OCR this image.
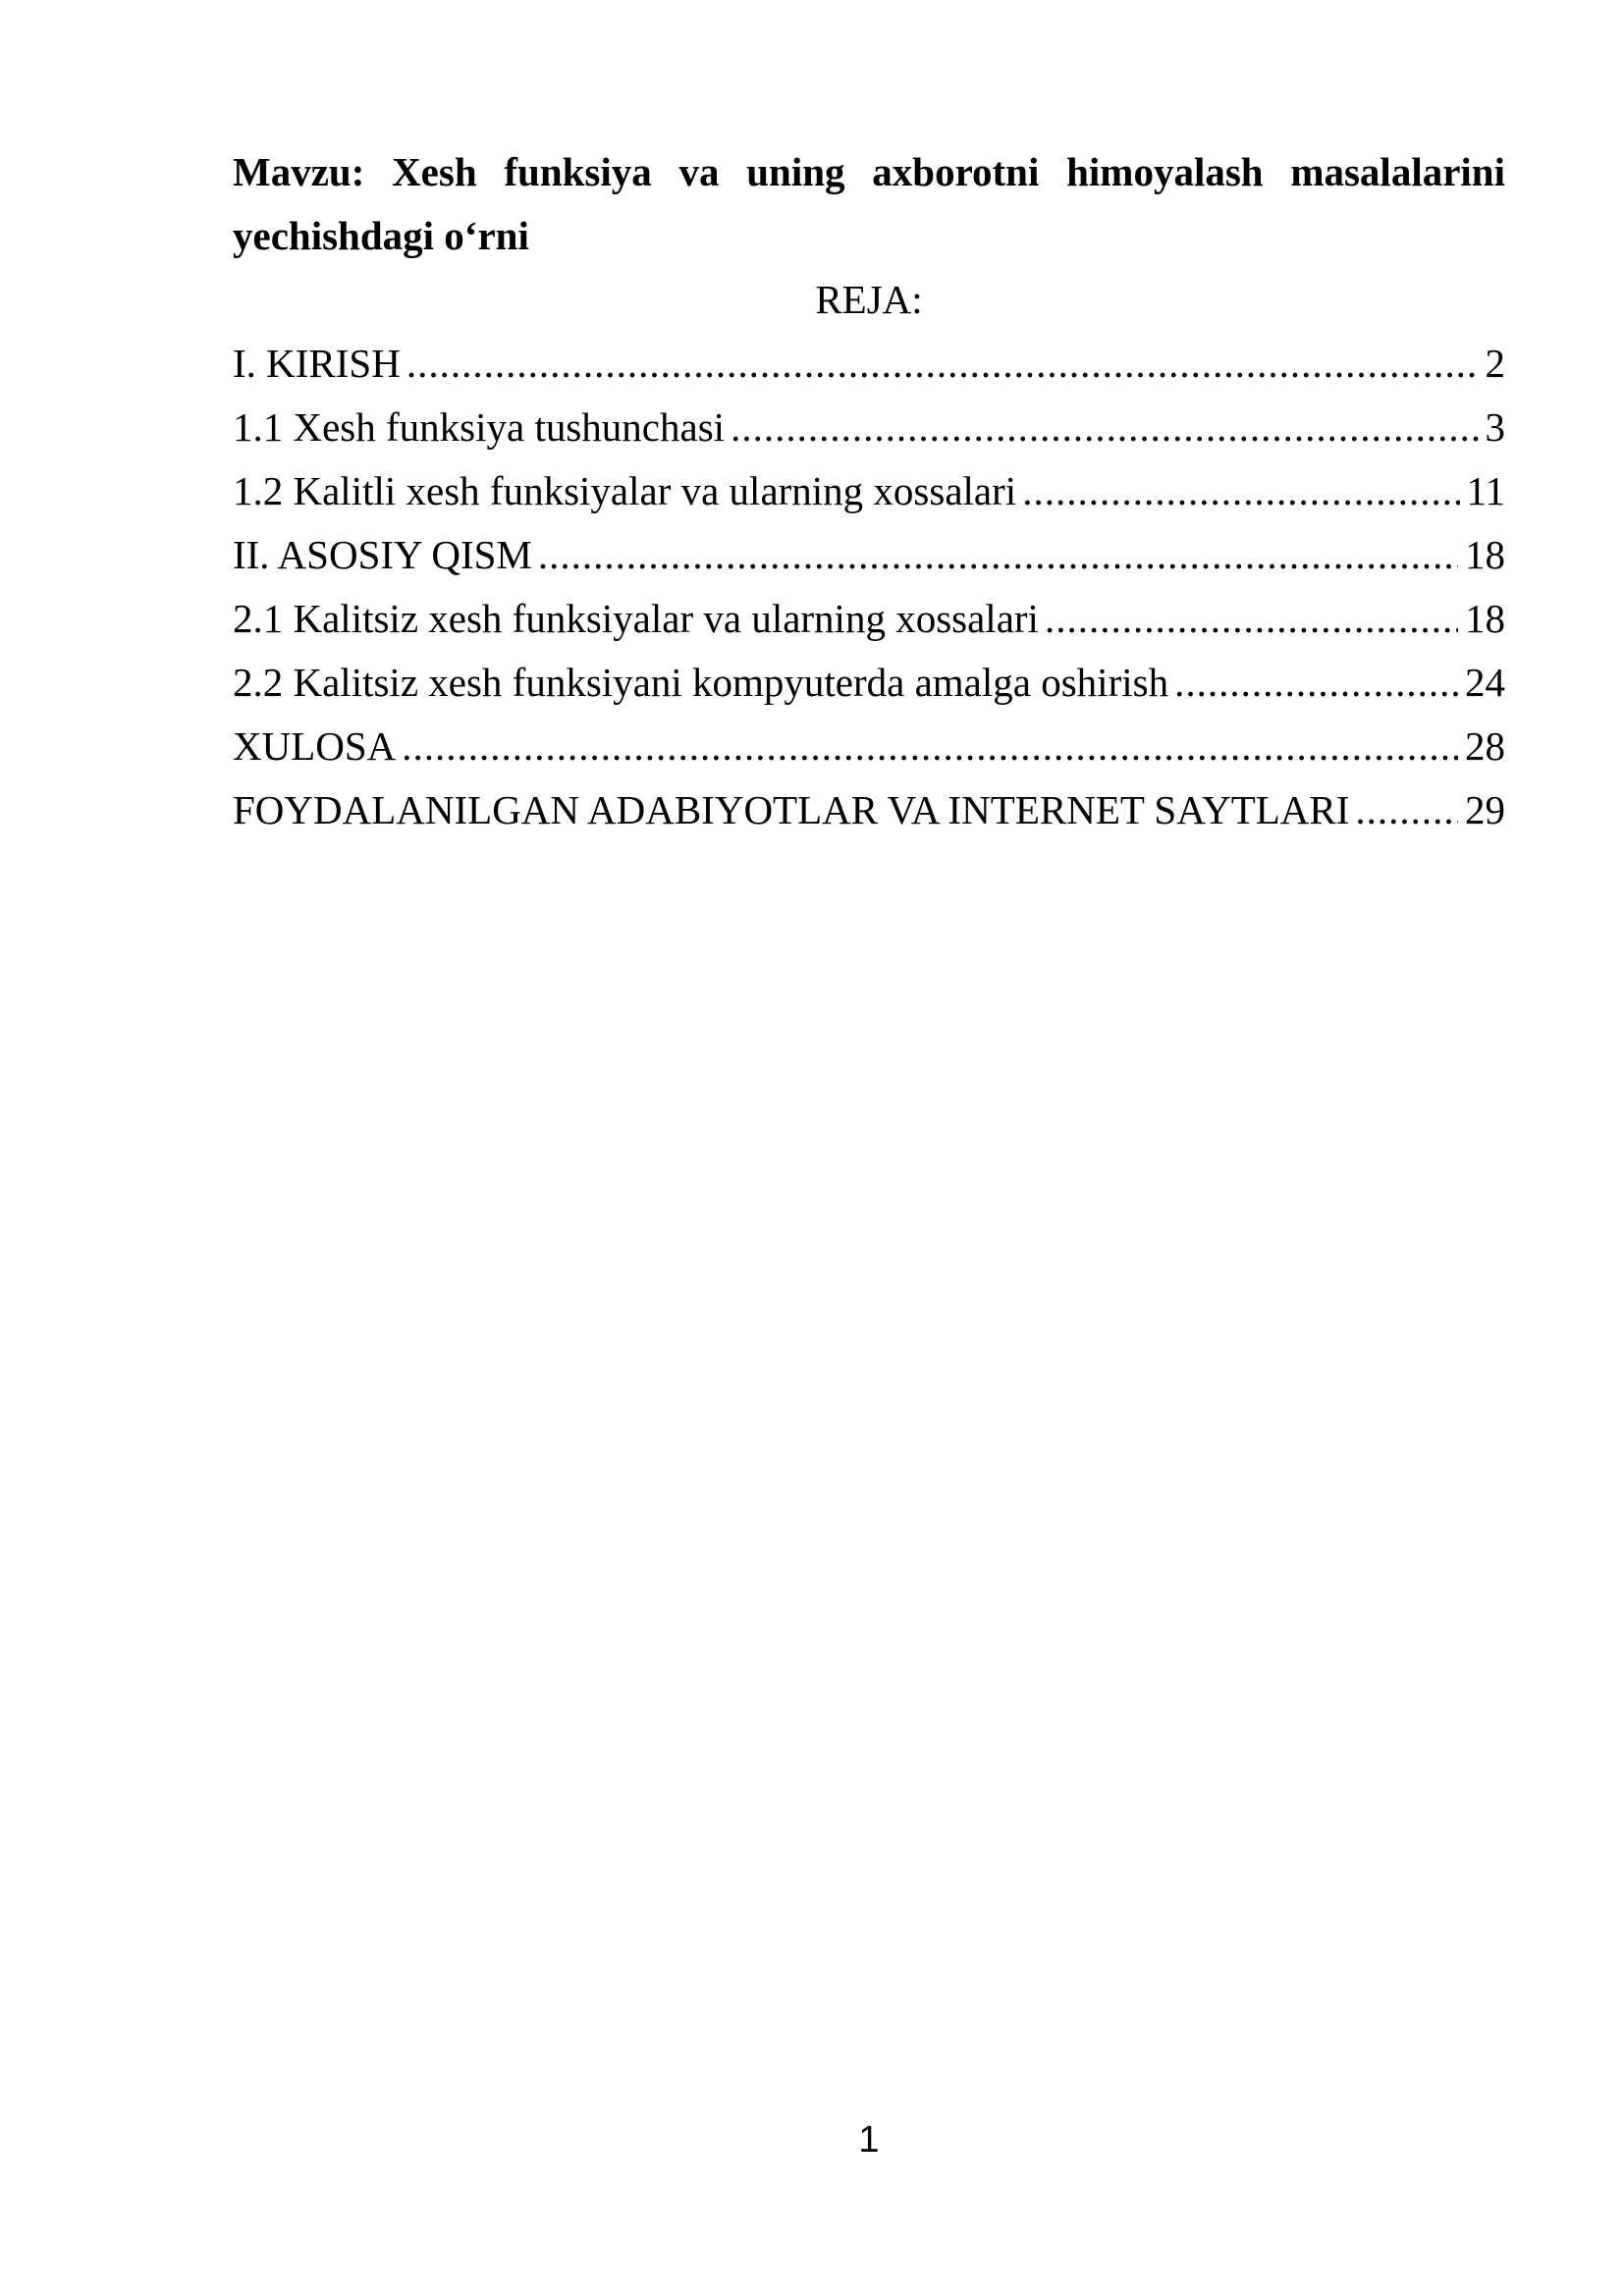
Mavzu: Xesh funksiya va uning axborotni himoyalash masalalarini
yechishdagi o‘rni
REJA:
I. KIRISH .....	2
1.1 Xesh funksiya tushunchasi .....	3
1.2 Kalitli xesh funksiyalar va ularning xossalari .....	11
II. ASOSIY QISM .....	18
2.1 Kalitsiz xesh funksiyalar va ularning xossalari .....	18
2.2 Kalitsiz xesh funksiyani kompyuterda amalga oshirish .....	24
XULOSA .....	28
FOYDALANILGAN ADABIYOTLAR VA INTERNET SAYTLARI .....	29
1
